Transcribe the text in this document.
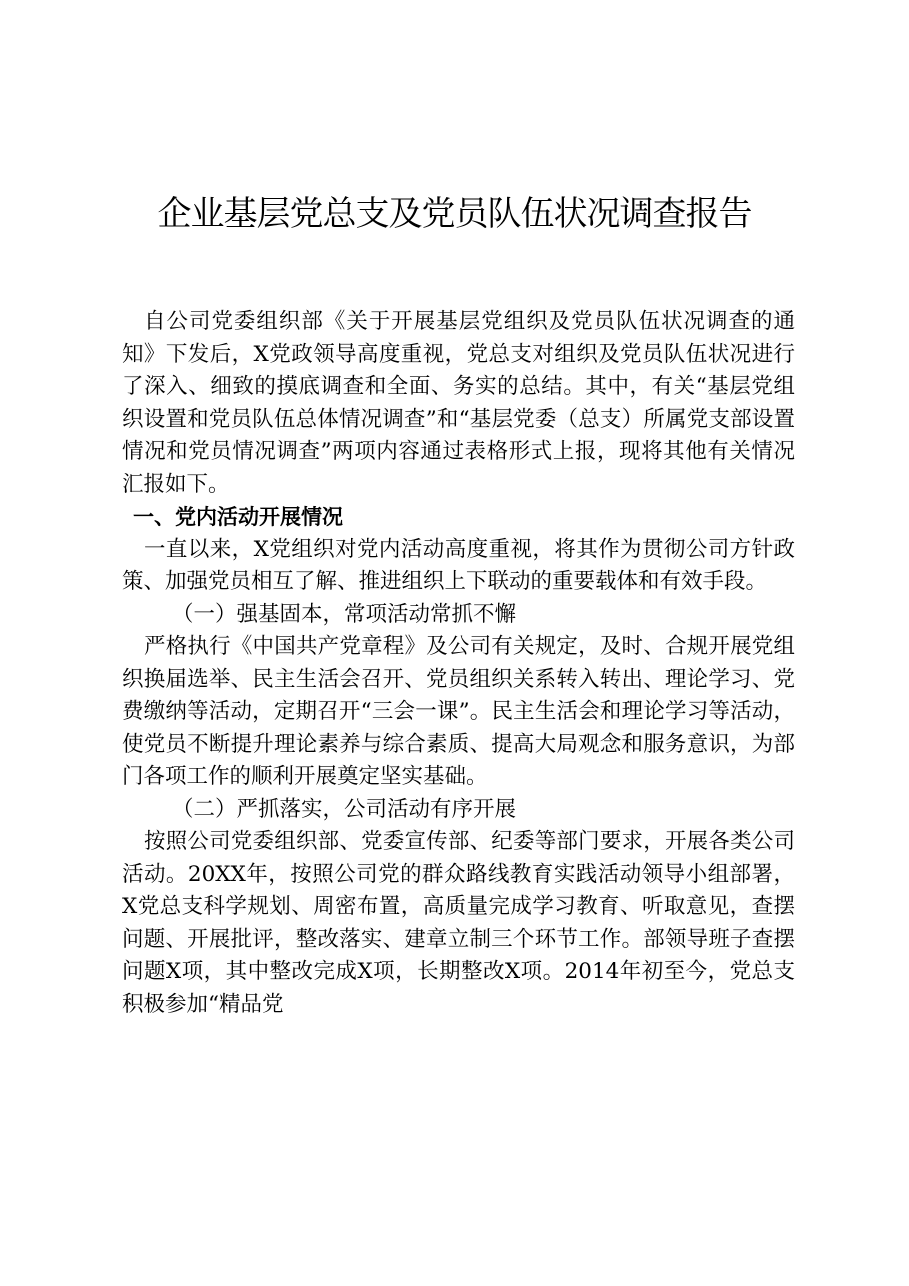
企业基层党总支及党员队伍状况调查报告

自公司党委组织部《关于开展基层党组织及党员队伍状况调查的通知》下发后，X党政领导高度重视，党总支对组织及党员队伍状况进行了深入、细致的摸底调查和全面、务实的总结。其中，有关“基层党组织设置和党员队伍总体情况调查”和“基层党委（总支）所属党支部设置情况和党员情况调查”两项内容通过表格形式上报，现将其他有关情况汇报如下。

一、党内活动开展情况

一直以来，X党组织对党内活动高度重视，将其作为贯彻公司方针政策、加强党员相互了解、推进组织上下联动的重要载体和有效手段。

（一）强基固本，常项活动常抓不懈

严格执行《中国共产党章程》及公司有关规定，及时、合规开展党组织换届选举、民主生活会召开、党员组织关系转入转出、理论学习、党费缴纳等活动，定期召开“三会一课”。民主生活会和理论学习等活动，使党员不断提升理论素养与综合素质、提高大局观念和服务意识，为部门各项工作的顺利开展奠定坚实基础。

（二）严抓落实，公司活动有序开展

按照公司党委组织部、党委宣传部、纪委等部门要求，开展各类公司活动。20XX年，按照公司党的群众路线教育实践活动领导小组部署，X党总支科学规划、周密布置，高质量完成学习教育、听取意见，查摆问题、开展批评，整改落实、建章立制三个环节工作。部领导班子查摆问题X项，其中整改完成X项，长期整改X项。2014年初至今，党总支积极参加“精品党
